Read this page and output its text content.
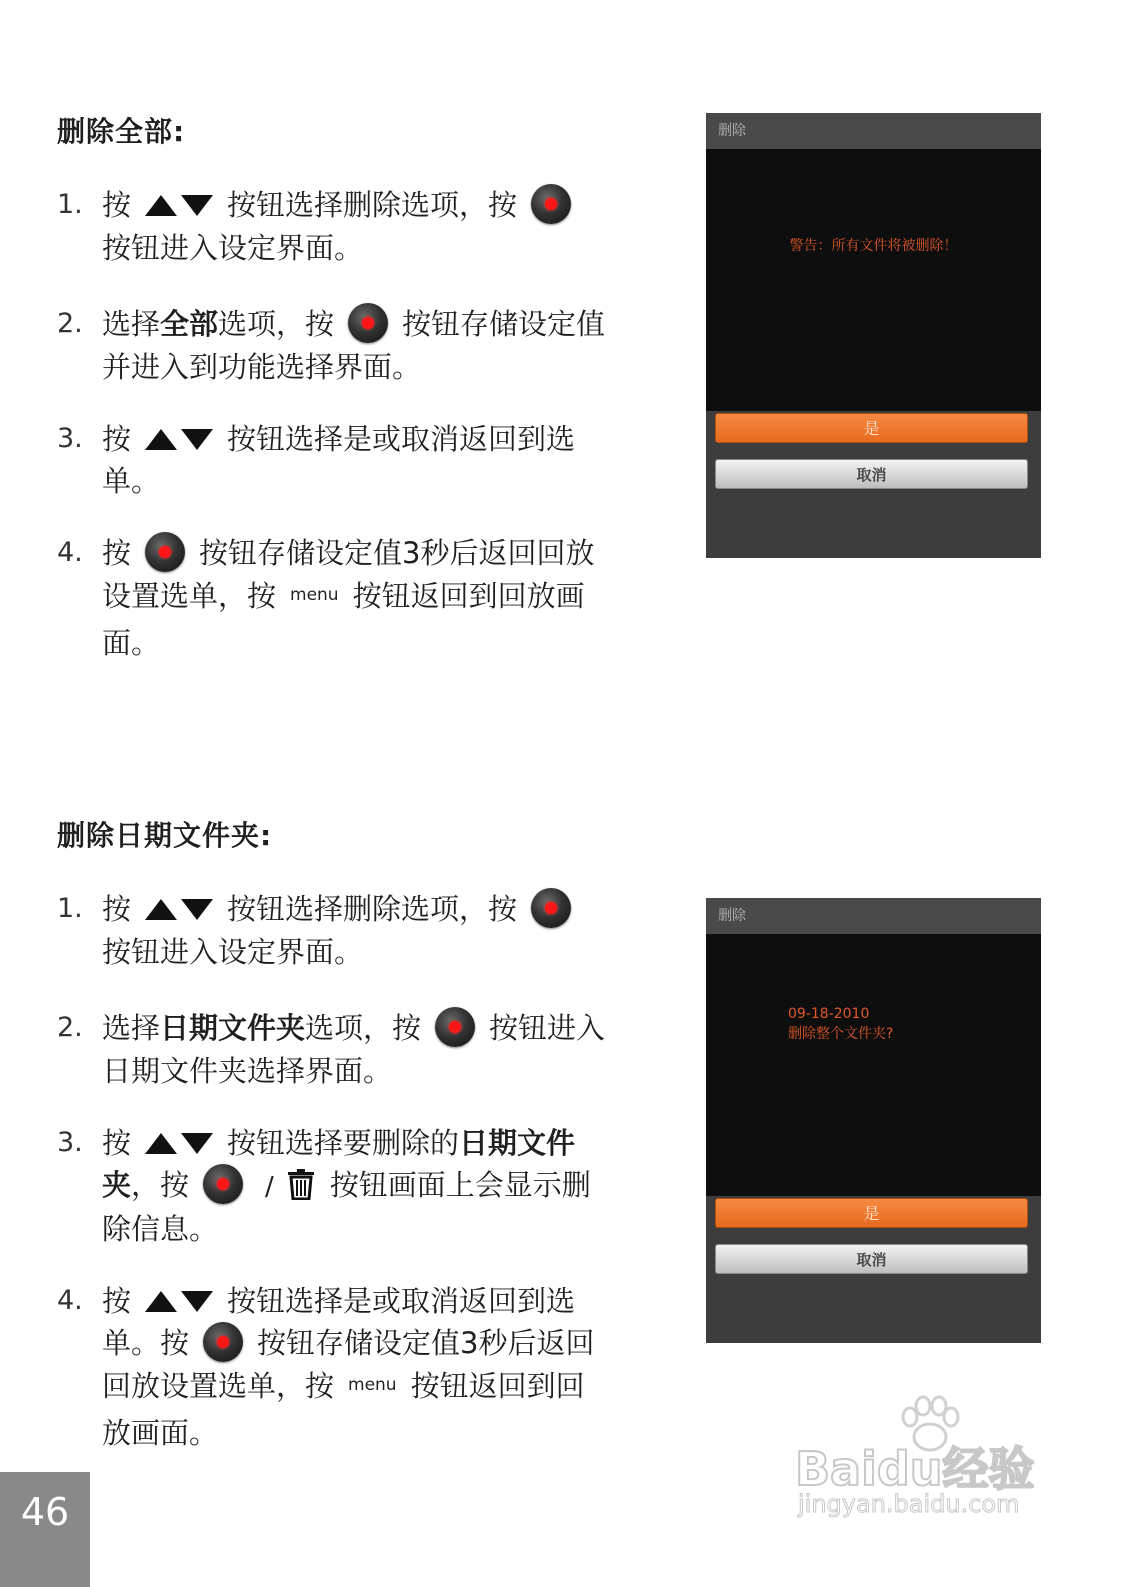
删除全部:
1. 按	按钮选择删除选项，按
按钮进入设定界面。
2. 选择全部选项，按 按钮存储设定值
并进入到功能选择界面。
3. 按	按钮选择是或取消返回到选
单。
4. 按 按钮存储设定值3秒后返回回放
设置选单，按 $^{menu}$ 按钮返回到回放画
面。
删除
警告：所有文件将被删除！
是
取消
删除日期文件夹:
1. 按	按钮选择删除选项，按
按钮进入设定界面。
2. 选择日期文件夹选项，按 按钮进入
日期文件夹选择界面。
3. 按	按钮选择要删除的日期文件
夹，按	/ 按钮画面上会显示删
除信息。
4. 按	按钮选择是或取消返回到选
单。按 按钮存储设定值3秒后返回
回放设置选单，按 $^{menu}$ 按钮返回到回
放画面。
删除
09-18-2010
删除整个文件夹?
是
取消
46
Baidu经验
jingyan.baidu.com
